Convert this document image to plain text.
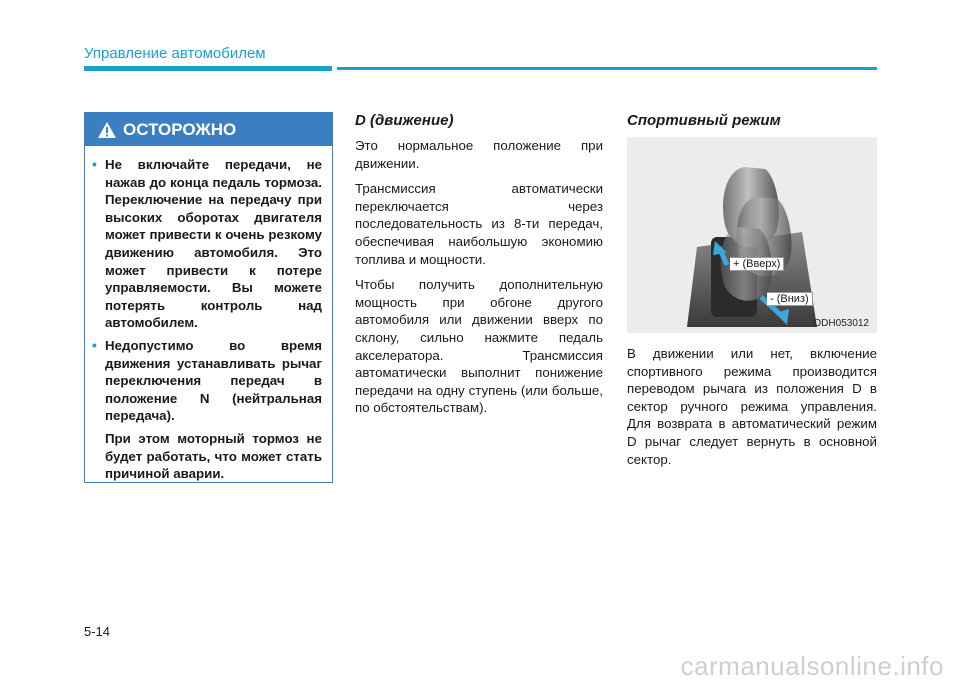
Управление автомобилем
ОСТОРОЖНО
• Не включайте передачи, не нажав до конца педаль тормоза. Переключение на передачу при высоких оборотах двигателя может привести к очень резкому движению автомобиля. Это может привести к потере управляемости. Вы можете потерять контроль над автомобилем.
• Недопустимо во время движения устанавливать рычаг переключения передач в положение N (нейтральная передача).
При этом моторный тормоз не будет работать, что может стать причиной аварии.
D (движение)

Это нормальное положение при движении.

Трансмиссия автоматически переключается через последовательность из 8-ти передач, обеспечивая наибольшую экономию топлива и мощности.

Чтобы получить дополнительную мощность при обгоне другого автомобиля или движении вверх по склону, сильно нажмите педаль акселератора. Трансмиссия автоматически выполнит понижение передачи на одну ступень (или больше, по обстоятельствам).

Спортивный режим
+ (Вверх)
- (Вниз)
ODH053012

В движении или нет, включение спортивного режима производится переводом рычага из положения D в сектор ручного режима управления. Для возврата в автоматический режим D рычаг следует вернуть в основной сектор.

5-14
carmanualsonline.info
